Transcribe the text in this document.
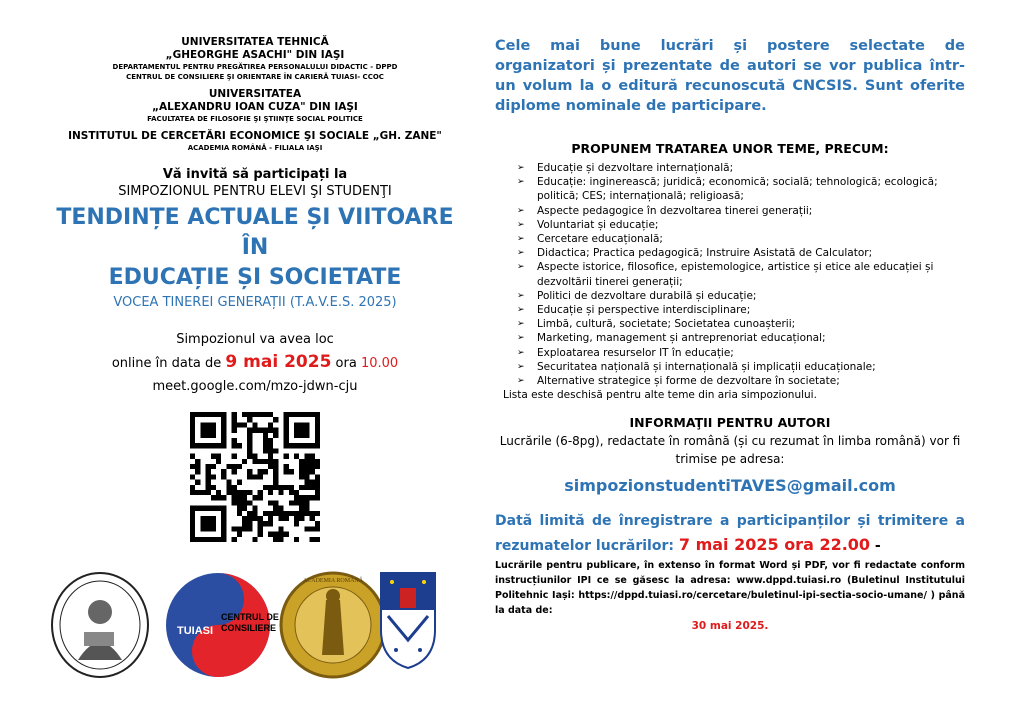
UNIVERSITATEA TEHNICĂ
„GHEORGHE ASACHI" DIN IAŞI
DEPARTAMENTUL PENTRU PREGĂTIREA PERSONALULUI DIDACTIC - DPPD
CENTRUL DE CONSILIERE ŞI ORIENTARE ÎN CARIERĂ TUIASI- CCOC
UNIVERSITATEA
„ALEXANDRU IOAN CUZA" DIN IAŞI
FACULTATEA DE FILOSOFIE ŞI ŞTIINŢE SOCIAL POLITICE
INSTITUTUL DE CERCETĂRI ECONOMICE ŞI SOCIALE „GH. ZANE"
ACADEMIA ROMÂNĂ - FILIALA IAŞI
Vă invită să participați la
SIMPOZIONUL PENTRU ELEVI ŞI STUDENŢI
TENDINȚE ACTUALE ȘI VIITOARE ÎN
EDUCAȚIE ȘI SOCIETATE
VOCEA TINEREI GENERAȚII (T.A.V.E.S. 2025)
Simpozionul va avea loc
online în data de 9 mai 2025 ora 10.00
meet.google.com/mzo-jdwn-cju
CENTRUL DE
CONSILIERE
TUIASI
ACADEMIA ROMÂNĂ
Cele mai bune lucrări și postere selectate de organizatori și prezentate de autori se vor publica într-un volum la o editură recunoscută CNCSIS. Sunt oferite diplome nominale de participare.
PROPUNEM TRATAREA UNOR TEME, PRECUM:
➢ Educație și dezvoltare internațională;
➢ Educație: inginerească; juridică; economică; socială; tehnologică; ecologică; politică; CES; internațională; religioasă;
➢ Aspecte pedagogice în dezvoltarea tinerei generații;
➢ Voluntariat și educație;
➢ Cercetare educațională;
➢ Didactica; Practica pedagogică; Instruire Asistată de Calculator;
➢ Aspecte istorice, filosofice, epistemologice, artistice și etice ale educației și dezvoltării tinerei generații;
➢ Politici de dezvoltare durabilă și educație;
➢ Educație și perspective interdisciplinare;
➢ Limbă, cultură, societate; Societatea cunoașterii;
➢ Marketing, management și antreprenoriat educațional;
➢ Exploatarea resurselor IT în educație;
➢ Securitatea națională și internațională și implicații educaționale;
➢ Alternative strategice și forme de dezvoltare în societate;
Lista este deschisă pentru alte teme din aria simpozionului.
INFORMAŢII PENTRU AUTORI
Lucrările (6-8pg), redactate în română (și cu rezumat în limba română) vor fi trimise pe adresa:
simpozionstudentiTAVES@gmail.com
Dată limită de înregistrare a participanților și trimitere a rezumatelor lucrărilor: 7 mai 2025 ora 22.00 -
Lucrările pentru publicare, în extenso în format Word și PDF, vor fi redactate conform instrucțiunilor IPI ce se găsesc la adresa: www.dppd.tuiasi.ro (Buletinul Institutului Politehnic Iași: https://dppd.tuiasi.ro/cercetare/buletinul-ipi-sectia-socio-umane/ ) până la data de:
30 mai 2025.
